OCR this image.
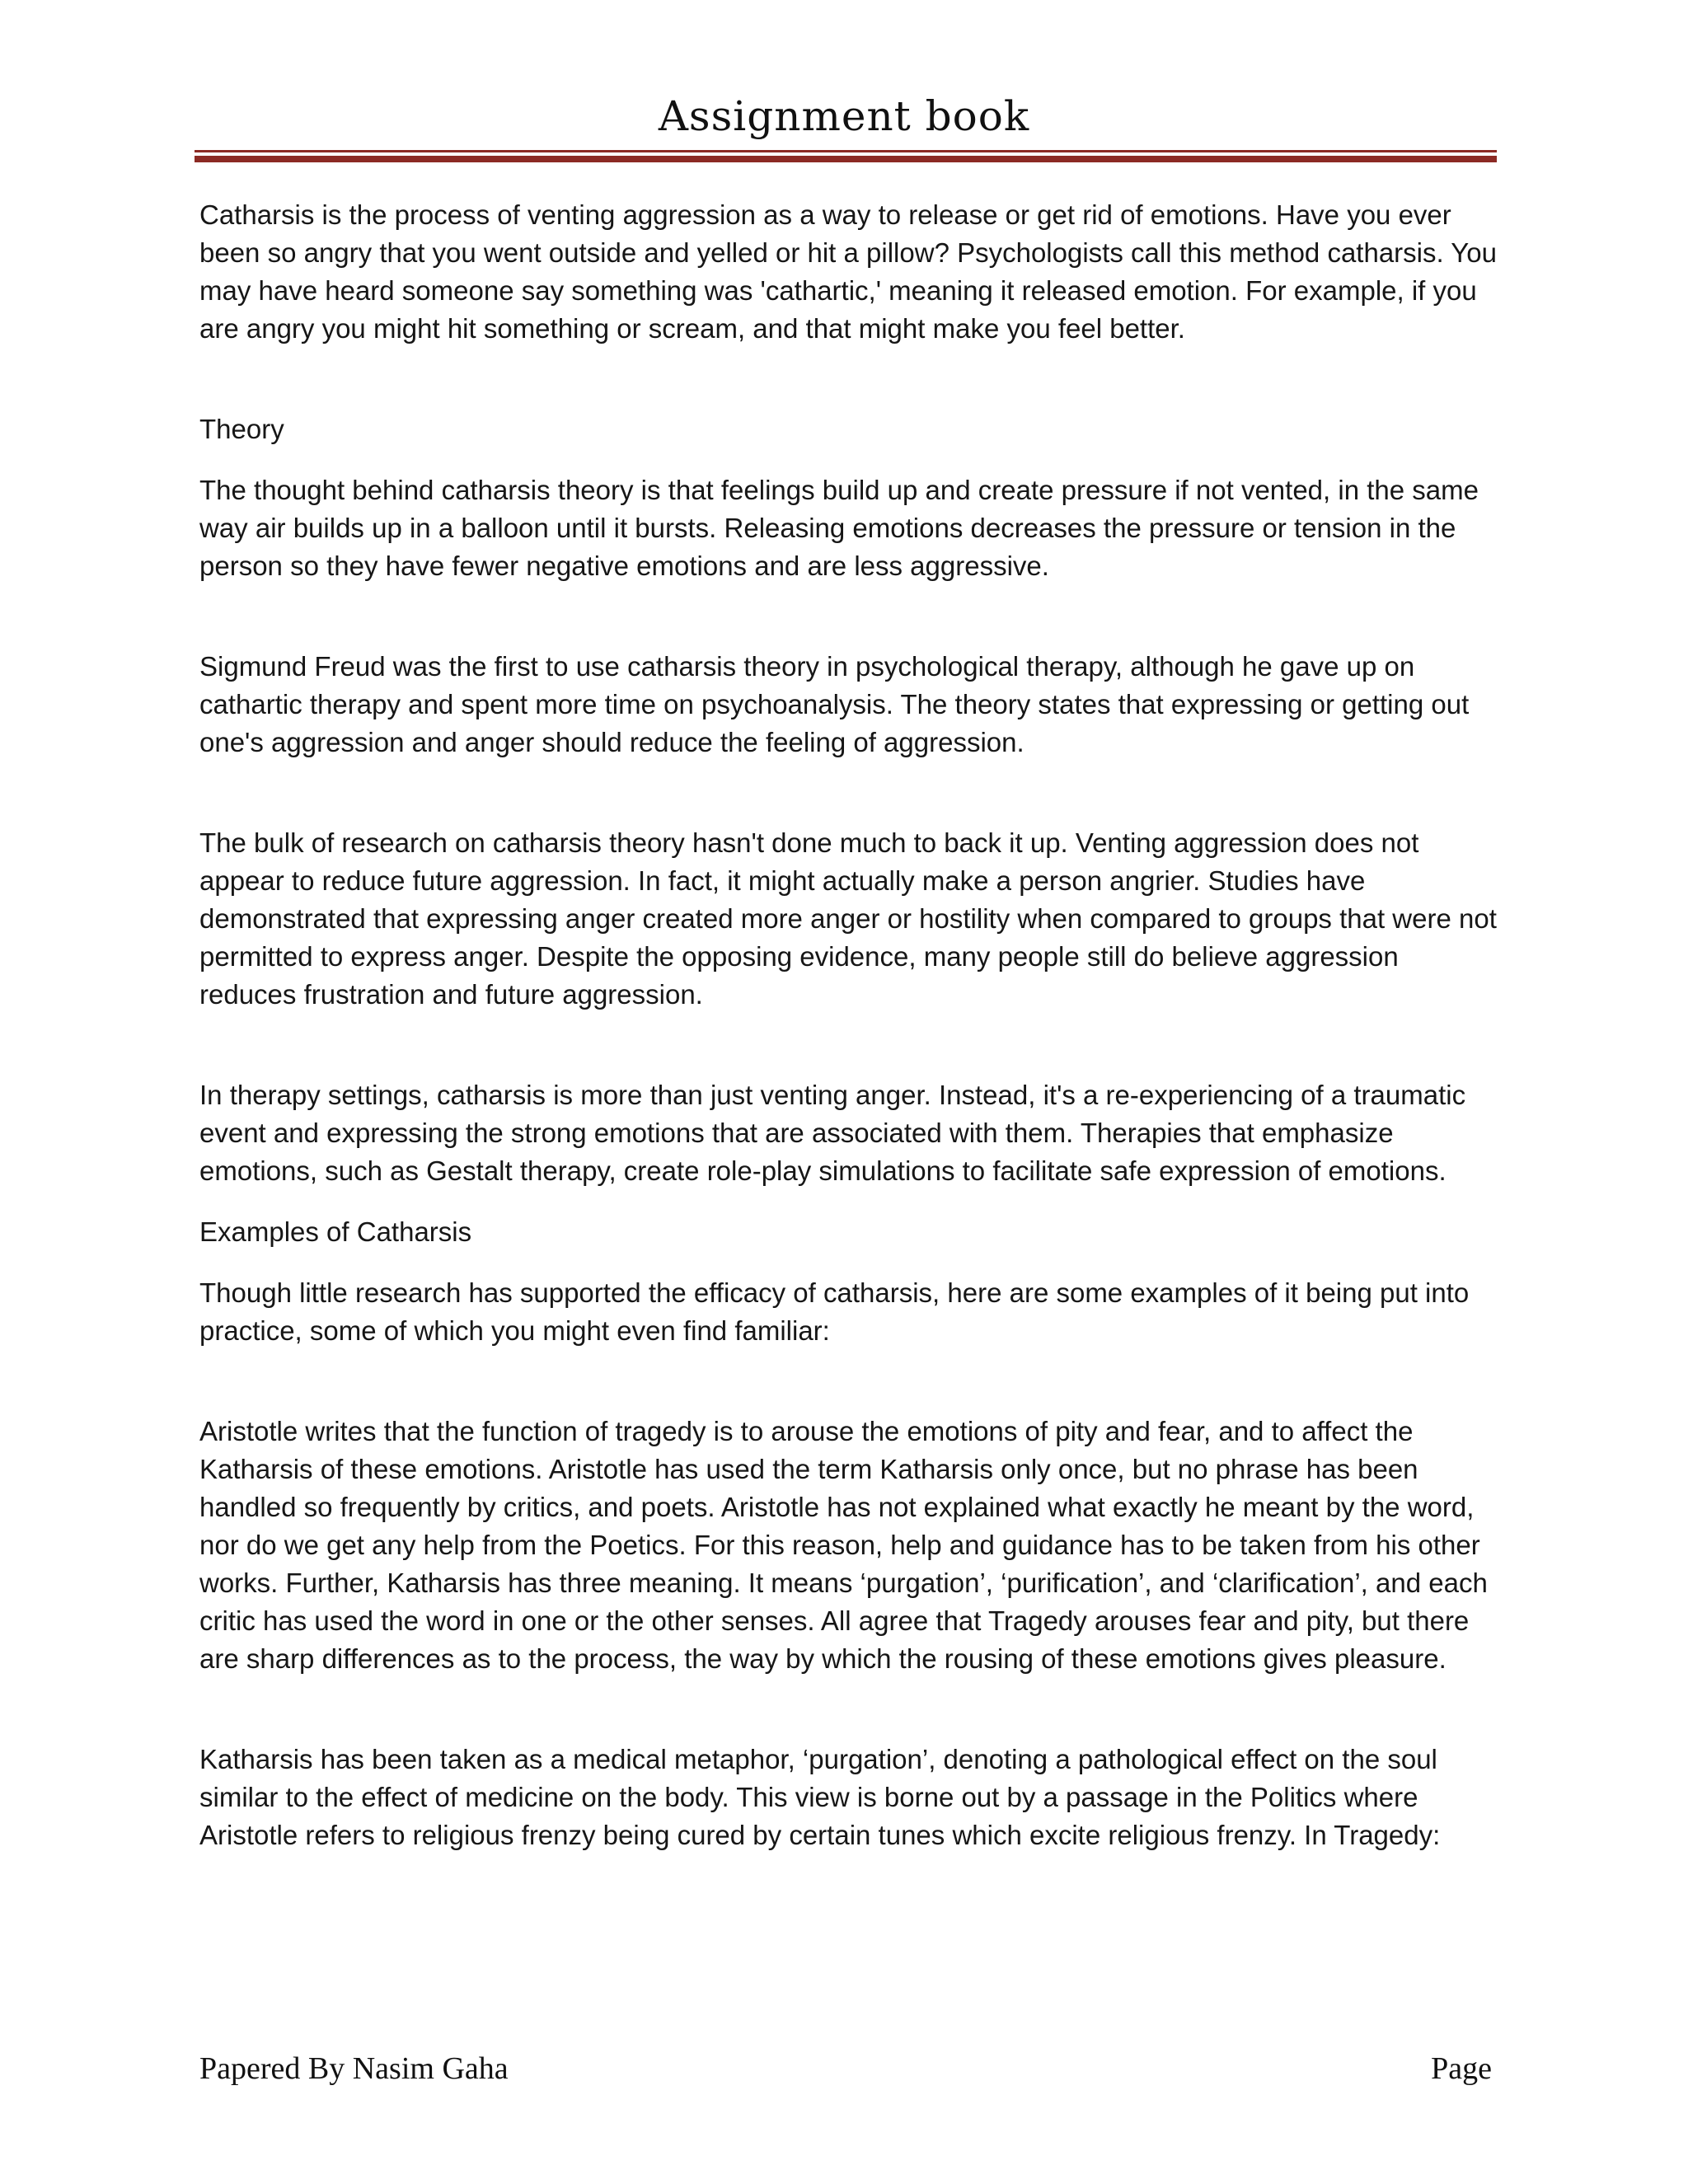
Assignment book

Catharsis is the process of venting aggression as a way to release or get rid of emotions. Have you ever been so angry that you went outside and yelled or hit a pillow? Psychologists call this method catharsis. You may have heard someone say something was 'cathartic,' meaning it released emotion. For example, if you are angry you might hit something or scream, and that might make you feel better.

Theory

The thought behind catharsis theory is that feelings build up and create pressure if not vented, in the same way air builds up in a balloon until it bursts. Releasing emotions decreases the pressure or tension in the person so they have fewer negative emotions and are less aggressive.

Sigmund Freud was the first to use catharsis theory in psychological therapy, although he gave up on cathartic therapy and spent more time on psychoanalysis. The theory states that expressing or getting out one's aggression and anger should reduce the feeling of aggression.

The bulk of research on catharsis theory hasn't done much to back it up. Venting aggression does not appear to reduce future aggression. In fact, it might actually make a person angrier. Studies have demonstrated that expressing anger created more anger or hostility when compared to groups that were not permitted to express anger. Despite the opposing evidence, many people still do believe aggression reduces frustration and future aggression.

In therapy settings, catharsis is more than just venting anger. Instead, it's a re-experiencing of a traumatic event and expressing the strong emotions that are associated with them. Therapies that emphasize emotions, such as Gestalt therapy, create role-play simulations to facilitate safe expression of emotions.

Examples of Catharsis

Though little research has supported the efficacy of catharsis, here are some examples of it being put into practice, some of which you might even find familiar:

Aristotle writes that the function of tragedy is to arouse the emotions of pity and fear, and to affect the Katharsis of these emotions. Aristotle has used the term Katharsis only once, but no phrase has been handled so frequently by critics, and poets. Aristotle has not explained what exactly he meant by the word, nor do we get any help from the Poetics. For this reason, help and guidance has to be taken from his other works. Further, Katharsis has three meaning. It means ‘purgation’, ‘purification’, and ‘clarification’, and each critic has used the word in one or the other senses. All agree that Tragedy arouses fear and pity, but there are sharp differences as to the process, the way by which the rousing of these emotions gives pleasure.

Katharsis has been taken as a medical metaphor, ‘purgation’, denoting a pathological effect on the soul similar to the effect of medicine on the body. This view is borne out by a passage in the Politics where Aristotle refers to religious frenzy being cured by certain tunes which excite religious frenzy. In Tragedy:

Papered By Nasim Gaha	Page
